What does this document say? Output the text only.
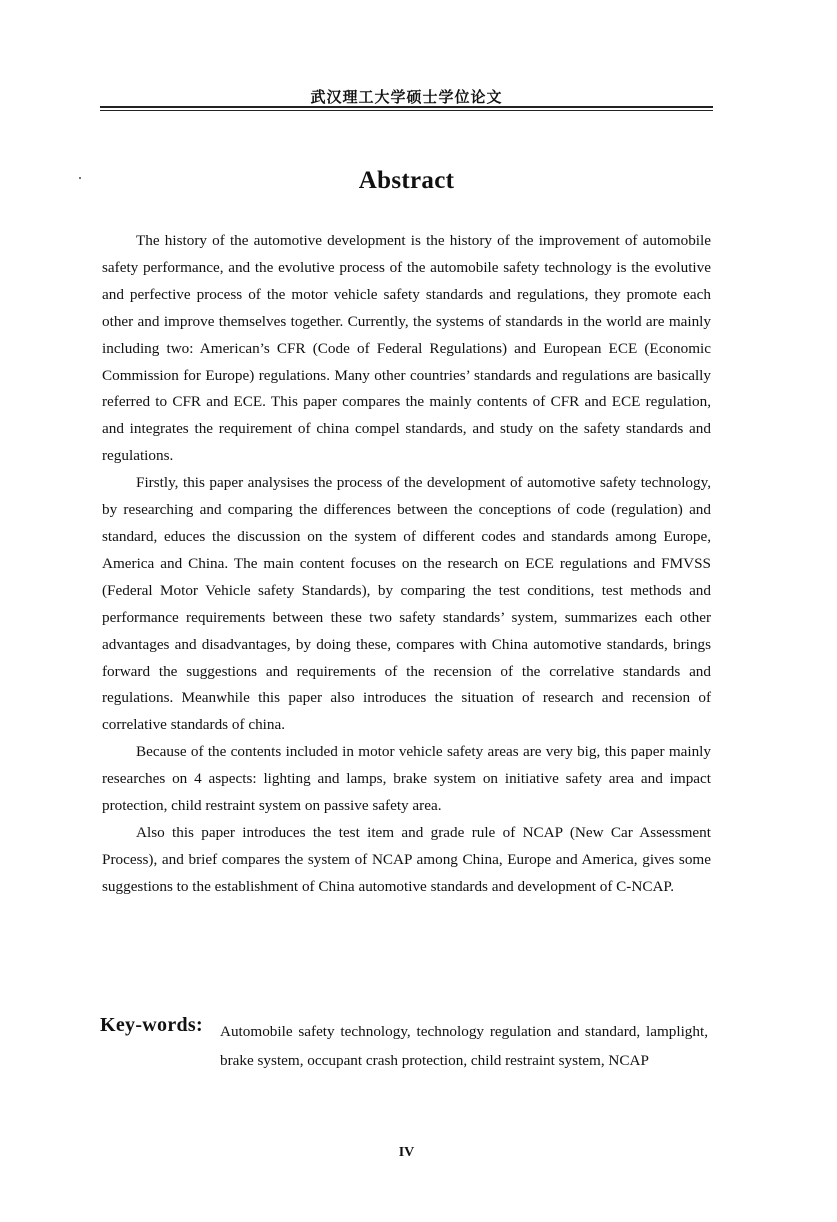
武汉理工大学硕士学位论文
Abstract

The history of the automotive development is the history of the improvement of automobile safety performance, and the evolutive process of the automobile safety technology is the evolutive and perfective process of the motor vehicle safety standards and regulations, they promote each other and improve themselves together. Currently, the systems of standards in the world are mainly including two: American’s CFR (Code of Federal Regulations) and European ECE (Economic Commission for Europe) regulations. Many other countries’ standards and regulations are basically referred to CFR and ECE. This paper compares the mainly contents of CFR and ECE regulation, and integrates the requirement of china compel standards, and study on the safety standards and regulations.

Firstly, this paper analysises the process of the development of automotive safety technology, by researching and comparing the differences between the conceptions of code (regulation) and standard, educes the discussion on the system of different codes and standards among Europe, America and China. The main content focuses on the research on ECE regulations and FMVSS (Federal Motor Vehicle safety Standards), by comparing the test conditions, test methods and performance requirements between these two safety standards’ system, summarizes each other advantages and disadvantages, by doing these, compares with China automotive standards, brings forward the suggestions and requirements of the recension of the correlative standards and regulations. Meanwhile this paper also introduces the situation of research and recension of correlative standards of china.

Because of the contents included in motor vehicle safety areas are very big, this paper mainly researches on 4 aspects: lighting and lamps, brake system on initiative safety area and impact protection, child restraint system on passive safety area.

Also this paper introduces the test item and grade rule of NCAP (New Car Assessment Process), and brief compares the system of NCAP among China, Europe and America, gives some suggestions to the establishment of China automotive standards and development of C-NCAP.

Key-words: Automobile safety technology, technology regulation and standard, lamplight, brake system, occupant crash protection, child restraint system, NCAP
IV
